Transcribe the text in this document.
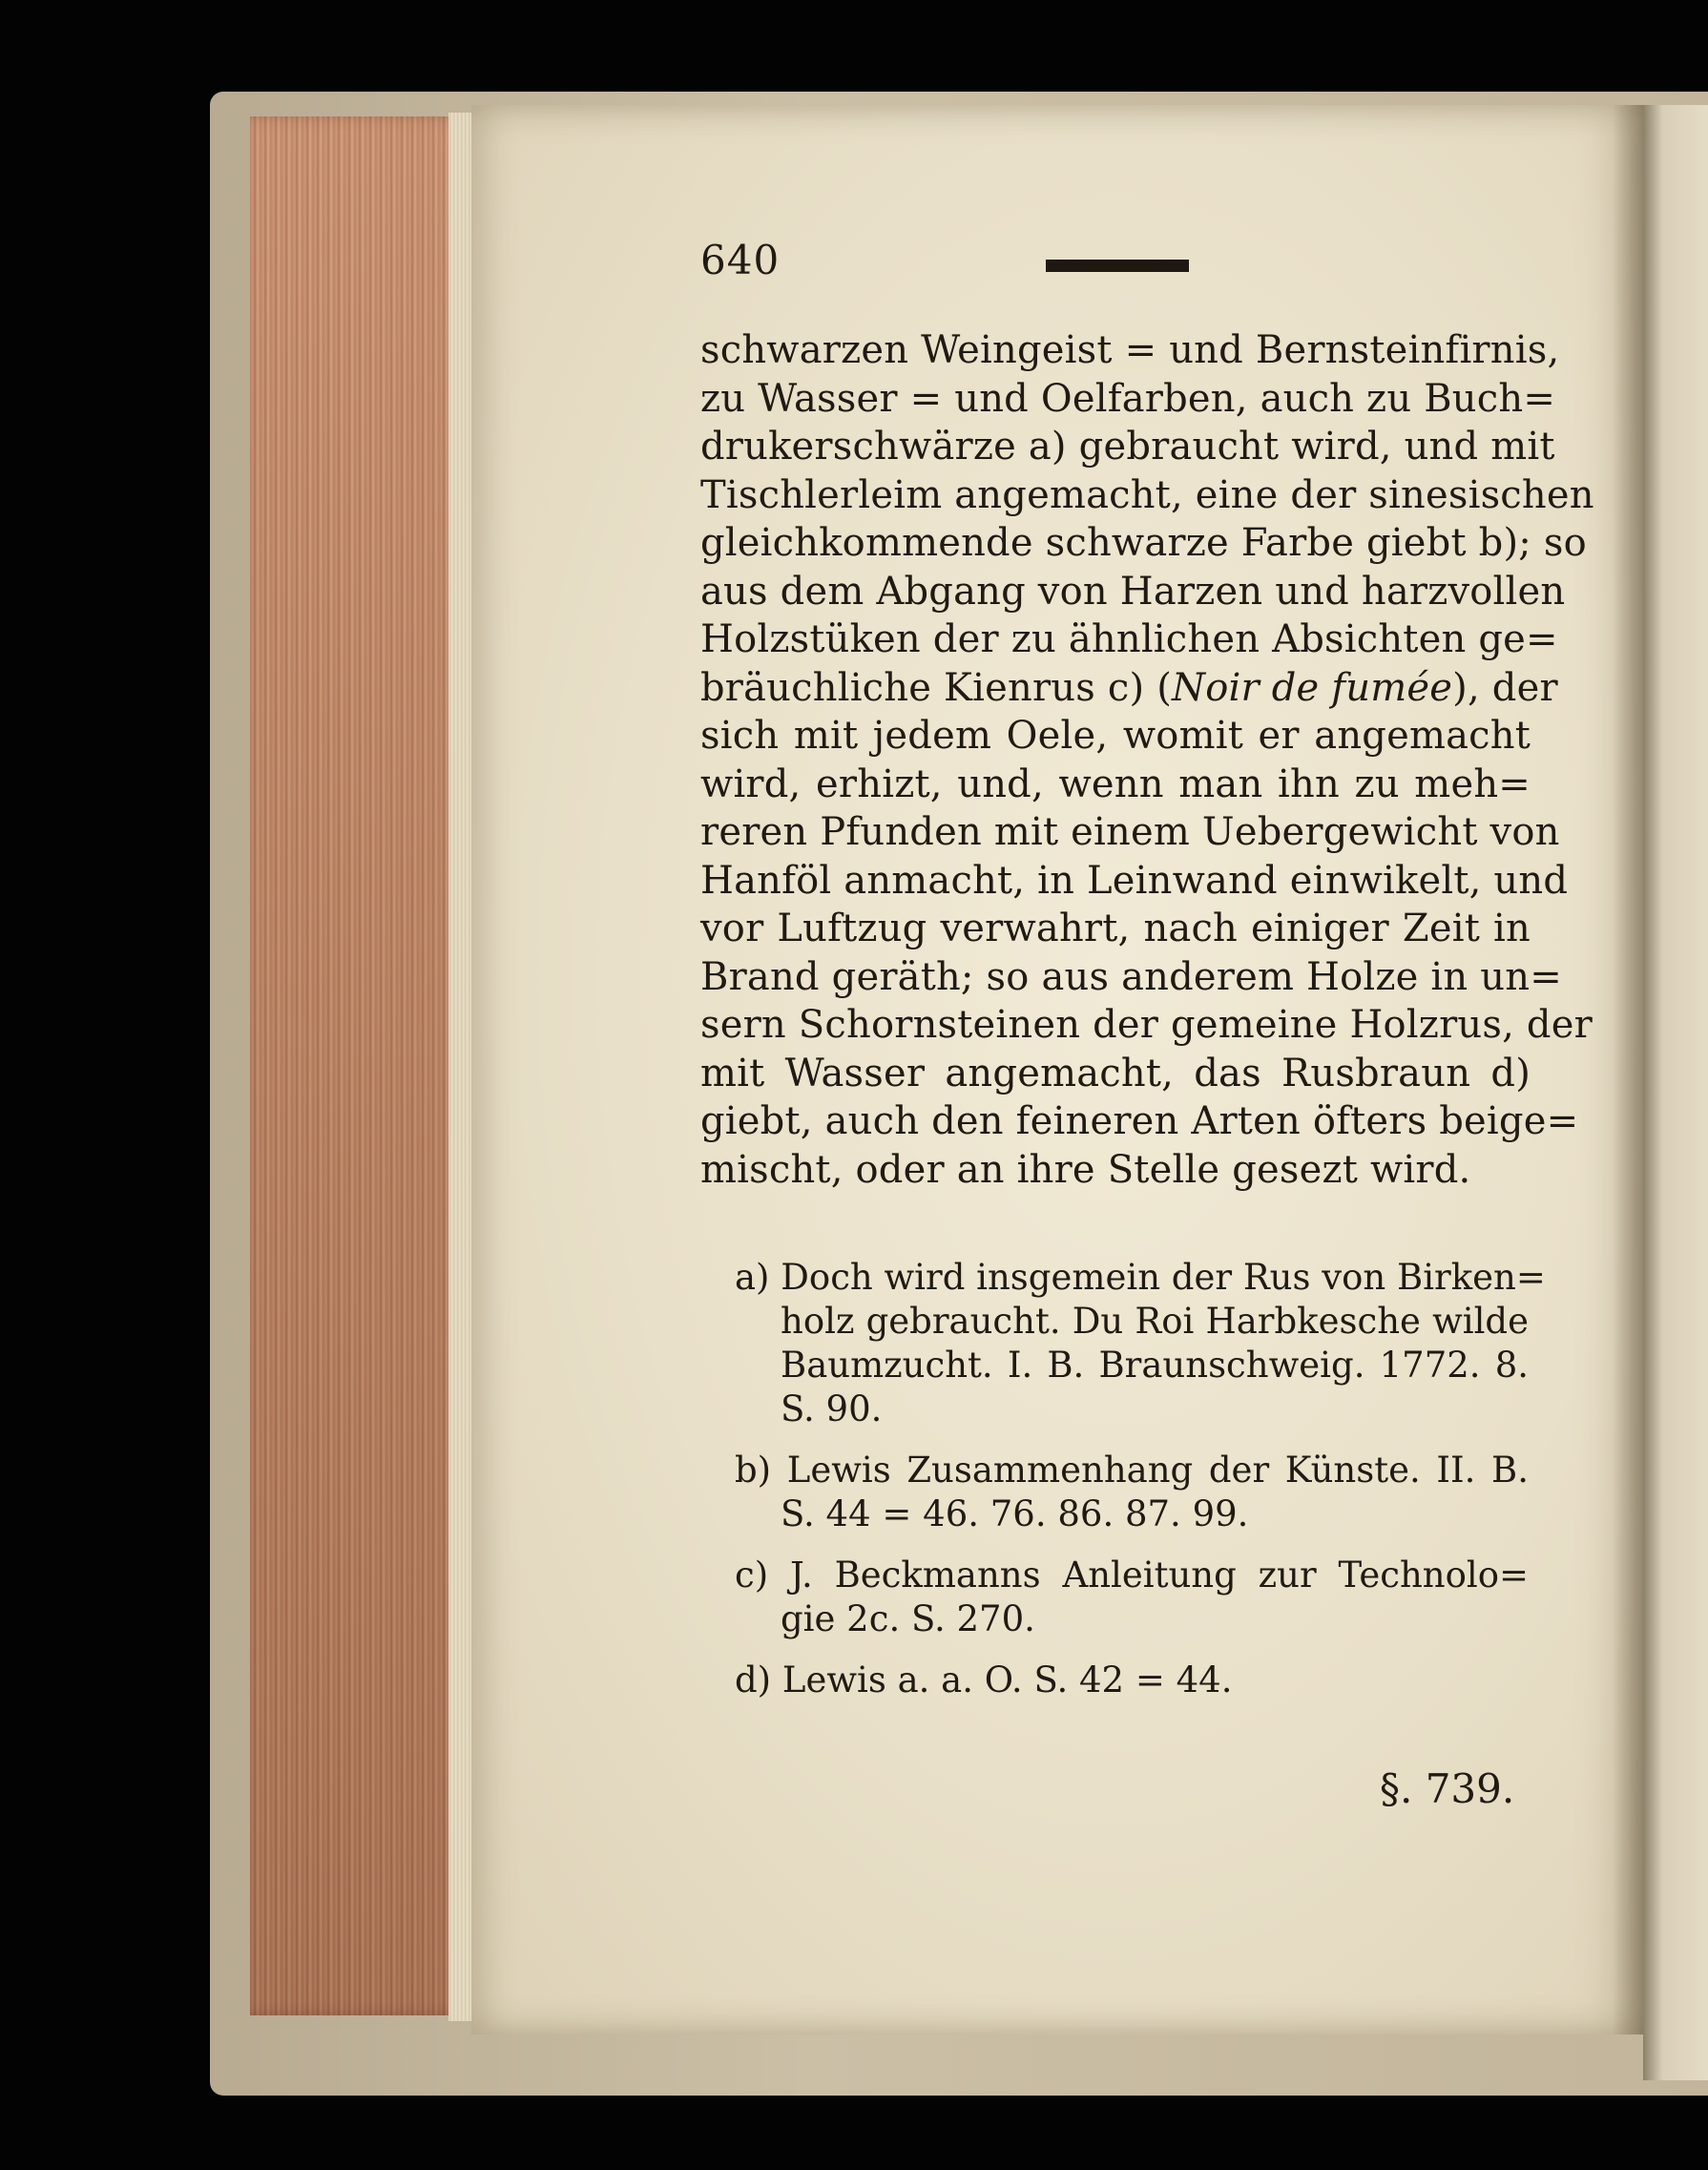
640
schwarzen Weingeist = und Bernsteinfirnis,
zu Wasser = und Oelfarben, auch zu Buch=
drukerschwärze a) gebraucht wird, und mit
Tischlerleim angemacht, eine der sinesischen
gleichkommende schwarze Farbe giebt b); so
aus dem Abgang von Harzen und harzvollen
Holzstüken der zu ähnlichen Absichten ge=
bräuchliche Kienrus c) (Noir de fumée), der
sich mit jedem Oele, womit er angemacht
wird, erhizt, und, wenn man ihn zu meh=
reren Pfunden mit einem Uebergewicht von
Hanföl anmacht, in Leinwand einwikelt, und
vor Luftzug verwahrt, nach einiger Zeit in
Brand geräth; so aus anderem Holze in un=
sern Schornsteinen der gemeine Holzrus, der
mit Wasser angemacht, das Rusbraun d)
giebt, auch den feineren Arten öfters beige=
mischt, oder an ihre Stelle gesezt wird.
a) Doch wird insgemein der Rus von Birken=
holz gebraucht. Du Roi Harbkesche wilde
Baumzucht. I. B. Braunschweig. 1772. 8.
S. 90.
b) Lewis Zusammenhang der Künste. II. B.
S. 44 = 46. 76. 86. 87. 99.
c) J. Beckmanns Anleitung zur Technolo=
gie 2c. S. 270.
d) Lewis a. a. O. S. 42 = 44.
§. 739.
